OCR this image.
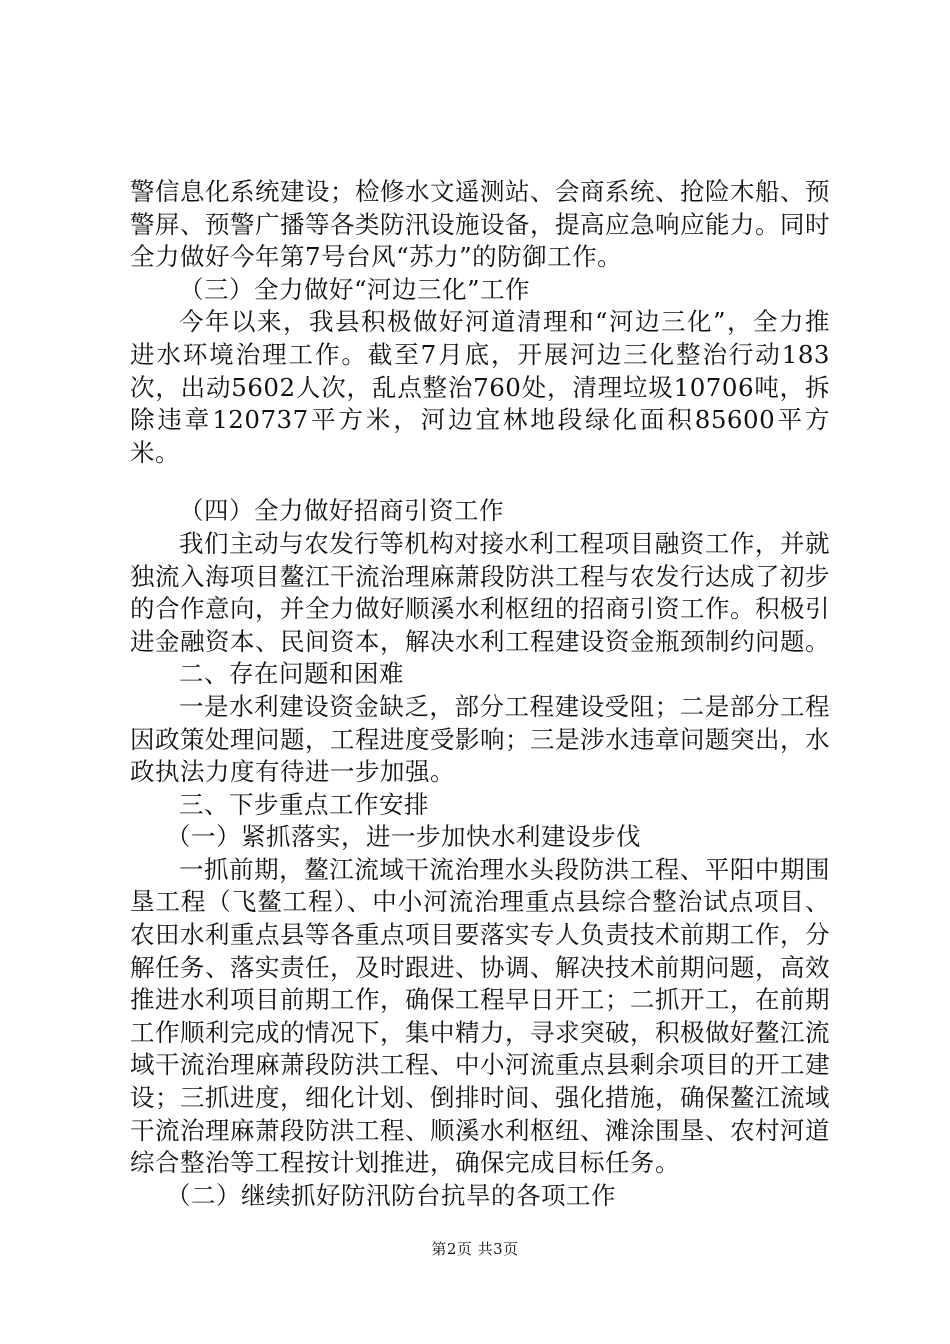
警信息化系统建设；检修水文遥测站、会商系统、抢险木船、预警屏、预警广播等各类防汛设施设备，提高应急响应能力。同时全力做好今年第7号台风“苏力”的防御工作。

（三）全力做好“河边三化”工作

今年以来，我县积极做好河道清理和“河边三化”，全力推进水环境治理工作。截至7月底，开展河边三化整治行动183次，出动5602人次，乱点整治760处，清理垃圾10706吨，拆除违章120737平方米，河边宜林地段绿化面积85600平方米。

（四）全力做好招商引资工作

我们主动与农发行等机构对接水利工程项目融资工作，并就独流入海项目鳌江干流治理麻萧段防洪工程与农发行达成了初步的合作意向，并全力做好顺溪水利枢纽的招商引资工作。积极引进金融资本、民间资本，解决水利工程建设资金瓶颈制约问题。

二、存在问题和困难

一是水利建设资金缺乏，部分工程建设受阻；二是部分工程因政策处理问题，工程进度受影响；三是涉水违章问题突出，水政执法力度有待进一步加强。

三、下步重点工作安排

（一）紧抓落实，进一步加快水利建设步伐

一抓前期，鳌江流域干流治理水头段防洪工程、平阳中期围垦工程（飞鳌工程）、中小河流治理重点县综合整治试点项目、农田水利重点县等各重点项目要落实专人负责技术前期工作，分解任务、落实责任，及时跟进、协调、解决技术前期问题，高效推进水利项目前期工作，确保工程早日开工；二抓开工，在前期工作顺利完成的情况下，集中精力，寻求突破，积极做好鳌江流域干流治理麻萧段防洪工程、中小河流重点县剩余项目的开工建设；三抓进度，细化计划、倒排时间、强化措施，确保鳌江流域干流治理麻萧段防洪工程、顺溪水利枢纽、滩涂围垦、农村河道综合整治等工程按计划推进，确保完成目标任务。

（二）继续抓好防汛防台抗旱的各项工作

第2页 共3页
